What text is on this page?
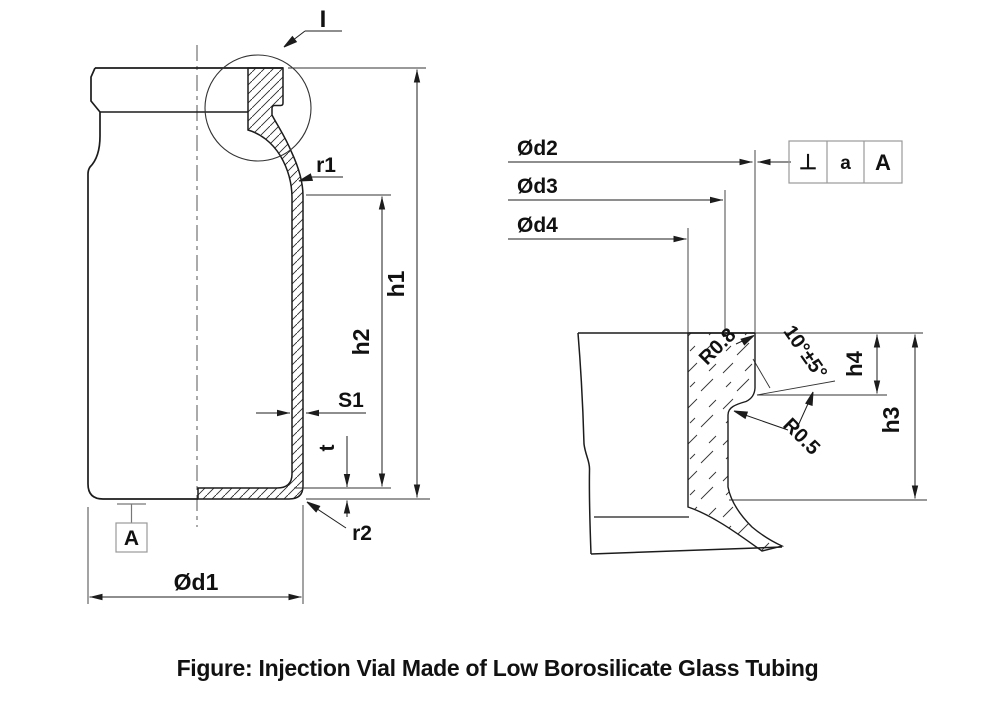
A
I
r1
h1
h2
S1
t
r2
Ød1
⊥ a A
Ød2
Ød3
Ød4
R0.8 10°±5°
R0.5
h4
h3
Figure: Injection Vial Made of Low Borosilicate Glass Tubing
